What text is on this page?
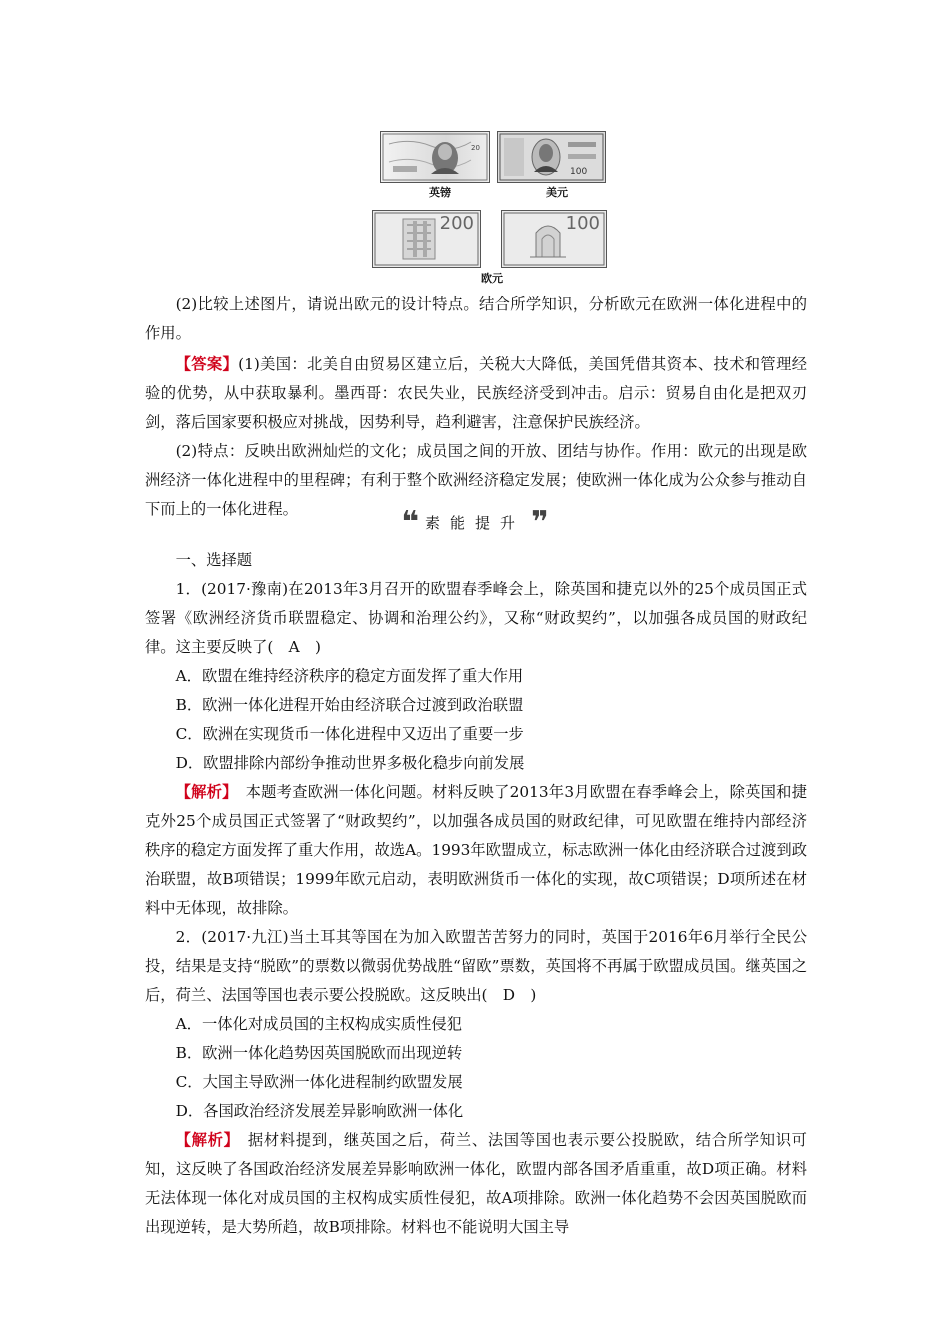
20
100
英镑	美元
200	100
欧元

(2)比较上述图片，请说出欧元的设计特点。结合所学知识，分析欧元在欧洲一体化进程中的作用。

【答案】(1)美国：北美自由贸易区建立后，关税大大降低，美国凭借其资本、技术和管理经验的优势，从中获取暴利。墨西哥：农民失业，民族经济受到冲击。启示：贸易自由化是把双刃剑，落后国家要积极应对挑战，因势利导，趋利避害，注意保护民族经济。

(2)特点：反映出欧洲灿烂的文化；成员国之间的开放、团结与协作。作用：欧元的出现是欧洲经济一体化进程中的里程碑；有利于整个欧洲经济稳定发展；使欧洲一体化成为公众参与推动自下而上的一体化进程。	❝ 素能提升 ❞

一、选择题

1．(2017·豫南)在2013年3月召开的欧盟春季峰会上，除英国和捷克以外的25个成员国正式签署《欧洲经济货币联盟稳定、协调和治理公约》，又称“财政契约”，以加强各成员国的财政纪律。这主要反映了(　A　)

A．欧盟在维持经济秩序的稳定方面发挥了重大作用

B．欧洲一体化进程开始由经济联合过渡到政治联盟

C．欧洲在实现货币一体化进程中又迈出了重要一步

D．欧盟排除内部纷争推动世界多极化稳步向前发展

【解析】　本题考查欧洲一体化问题。材料反映了2013年3月欧盟在春季峰会上，除英国和捷克外25个成员国正式签署了“财政契约”，以加强各成员国的财政纪律，可见欧盟在维持内部经济秩序的稳定方面发挥了重大作用，故选A。1993年欧盟成立，标志欧洲一体化由经济联合过渡到政治联盟，故B项错误；1999年欧元启动，表明欧洲货币一体化的实现，故C项错误；D项所述在材料中无体现，故排除。

2．(2017·九江)当土耳其等国在为加入欧盟苦苦努力的同时，英国于2016年6月举行全民公投，结果是支持“脱欧”的票数以微弱优势战胜“留欧”票数，英国将不再属于欧盟成员国。继英国之后，荷兰、法国等国也表示要公投脱欧。这反映出(　D　)

A．一体化对成员国的主权构成实质性侵犯

B．欧洲一体化趋势因英国脱欧而出现逆转

C．大国主导欧洲一体化进程制约欧盟发展

D．各国政治经济发展差异影响欧洲一体化

【解析】　据材料提到，继英国之后，荷兰、法国等国也表示要公投脱欧，结合所学知识可知，这反映了各国政治经济发展差异影响欧洲一体化，欧盟内部各国矛盾重重，故D项正确。材料无法体现一体化对成员国的主权构成实质性侵犯，故A项排除。欧洲一体化趋势不会因英国脱欧而出现逆转，是大势所趋，故B项排除。材料也不能说明大国主导
